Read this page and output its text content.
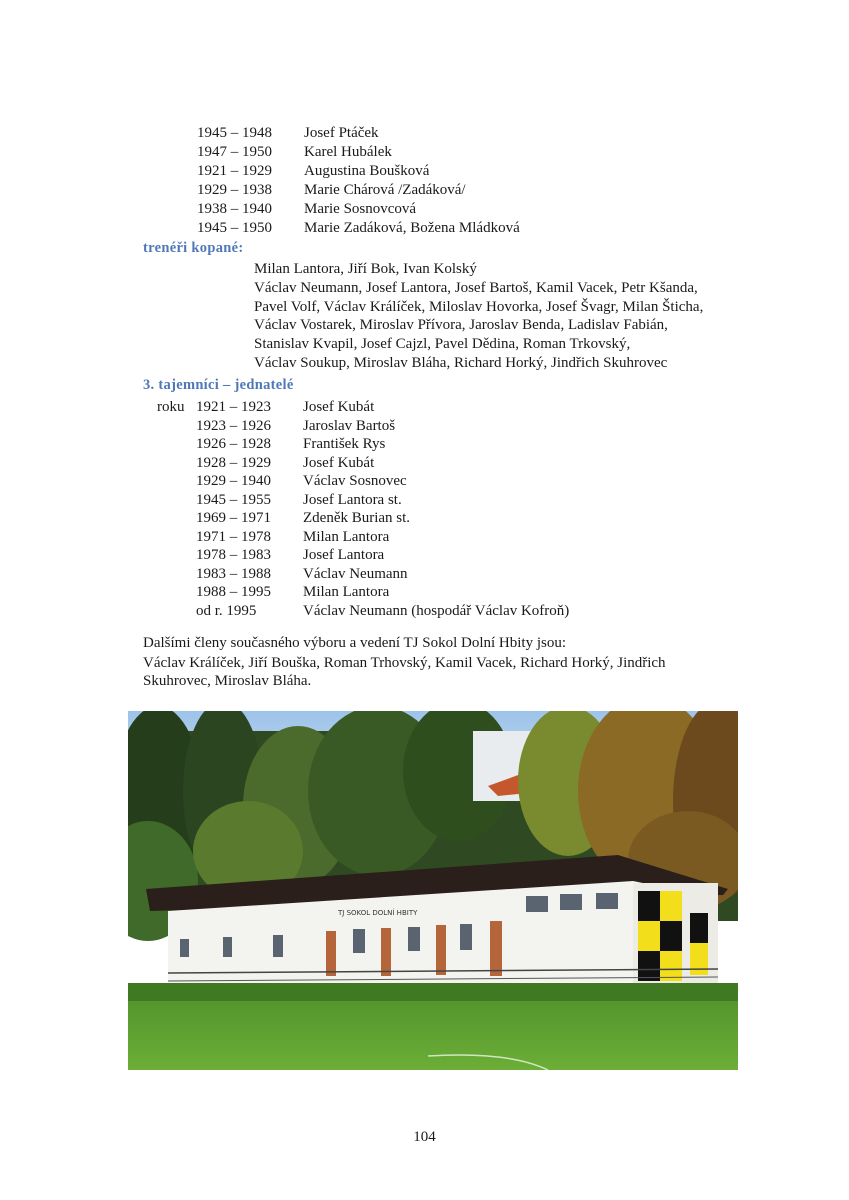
1945 – 1948 Josef Ptáček
1947 – 1950 Karel Hubálek
1921 – 1929 Augustina Boušková
1929 – 1938 Marie Chárová /Zadáková/
1938 – 1940 Marie Sosnovcová
1945 – 1950 Marie Zadáková, Božena Mládková
trenéři kopané:
Milan Lantora, Jiří Bok, Ivan Kolský
Václav Neumann, Josef Lantora, Josef Bartoš, Kamil Vacek, Petr Kšanda,
Pavel Volf, Václav Králíček, Miloslav Hovorka, Josef Švagr, Milan Šticha,
Václav Vostarek, Miroslav Přívora, Jaroslav Benda, Ladislav Fabián,
Stanislav Kvapil, Josef Cajzl, Pavel Dědina, Roman Trkovský,
Václav Soukup, Miroslav Bláha, Richard Horký, Jindřich Skuhrovec
3. tajemníci – jednatelé
roku 1921 – 1923 Josef Kubát
1923 – 1926 Jaroslav Bartoš
1926 – 1928 František Rys
1928 – 1929 Josef Kubát
1929 – 1940 Václav Sosnovec
1945 – 1955 Josef Lantora st.
1969 – 1971 Zdeněk Burian st.
1971 – 1978 Milan Lantora
1978 – 1983 Josef Lantora
1983 – 1988 Václav Neumann
1988 – 1995 Milan Lantora
od r. 1995	Václav Neumann (hospodář Václav Kofroň)
Dalšími členy současného výboru a vedení TJ Sokol Dolní Hbity jsou:
Václav Králíček, Jiří Bouška, Roman Trhovský, Kamil Vacek, Richard Horký, Jindřich
Skuhrovec, Miroslav Bláha.
TJ SOKOL DOLNÍ HBITY
104
